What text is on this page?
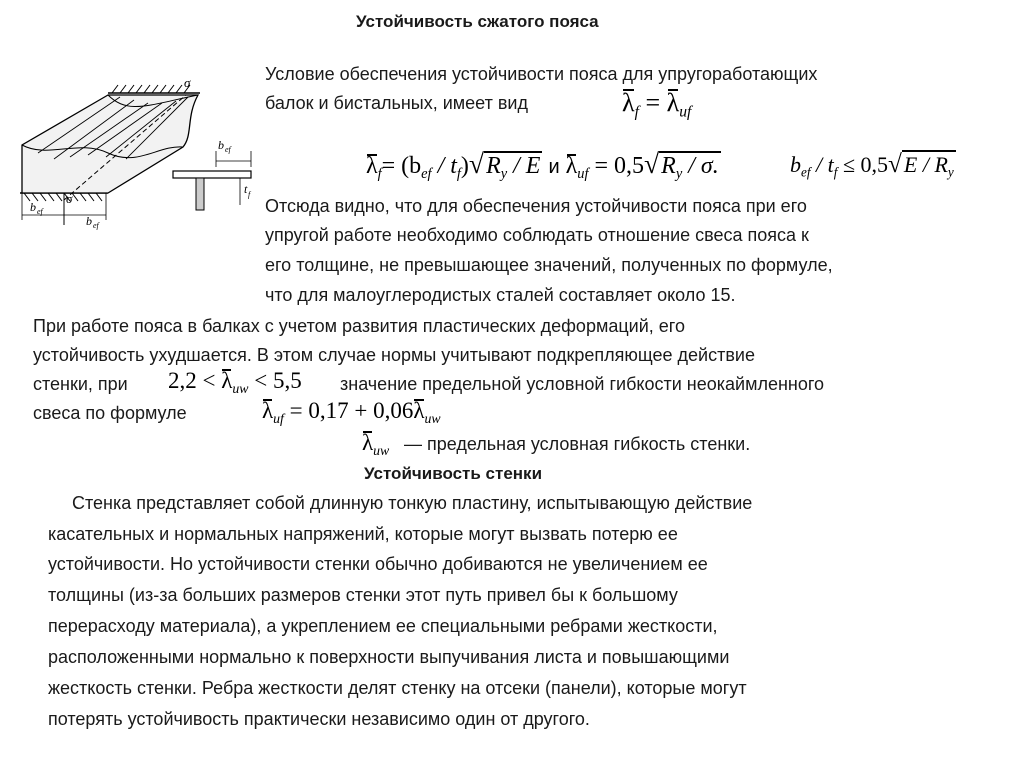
Устойчивость сжатого пояса
σ
σ
b ef
b ef
b ef
t f
Условие обеспечения устойчивости пояса для упругоработающих
балок и бистальных, имеет вид	$\lambda_f = \lambda_{uf}$
$\lambda_f= (b_{ef} / t_f)√R_y / E$ и $\lambda_{uf} = 0,5√R_y / \sigma$.	$b_{ef} / t_f \le 0,5√E / R_y$
Отсюда видно, что для обеспечения устойчивости пояса при его
упругой работе необходимо соблюдать отношение свеса пояса к
его толщине, не превышающее значений, полученных по формуле,
что для малоуглеродистых сталей составляет около 15.
При работе пояса в балках с учетом развития пластических деформаций, его
устойчивость ухудшается. В этом случае нормы учитывают подкрепляющее действие
стенки, при $2,2 < \lambda_{uw} < 5,5$ значение предельной условной гибкости неокаймленного
свеса по формуле	$\lambda_{uf} = 0,17 + 0,06\lambda_{uw}$
$\lambda_{uw}$ — предельная условная гибкость стенки.
Устойчивость стенки
Стенка представляет собой длинную тонкую пластину, испытывающую действие
касательных и нормальных напряжений, которые могут вызвать потерю ее
устойчивости. Но устойчивости стенки обычно добиваются не увеличением ее
толщины (из-за больших размеров стенки этот путь привел бы к большому
перерасходу материала), а укреплением ее специальными ребрами жесткости,
расположенными нормально к поверхности выпучивания листа и повышающими
жесткость стенки. Ребра жесткости делят стенку на отсеки (панели), которые могут
потерять устойчивость практически независимо один от другого.
